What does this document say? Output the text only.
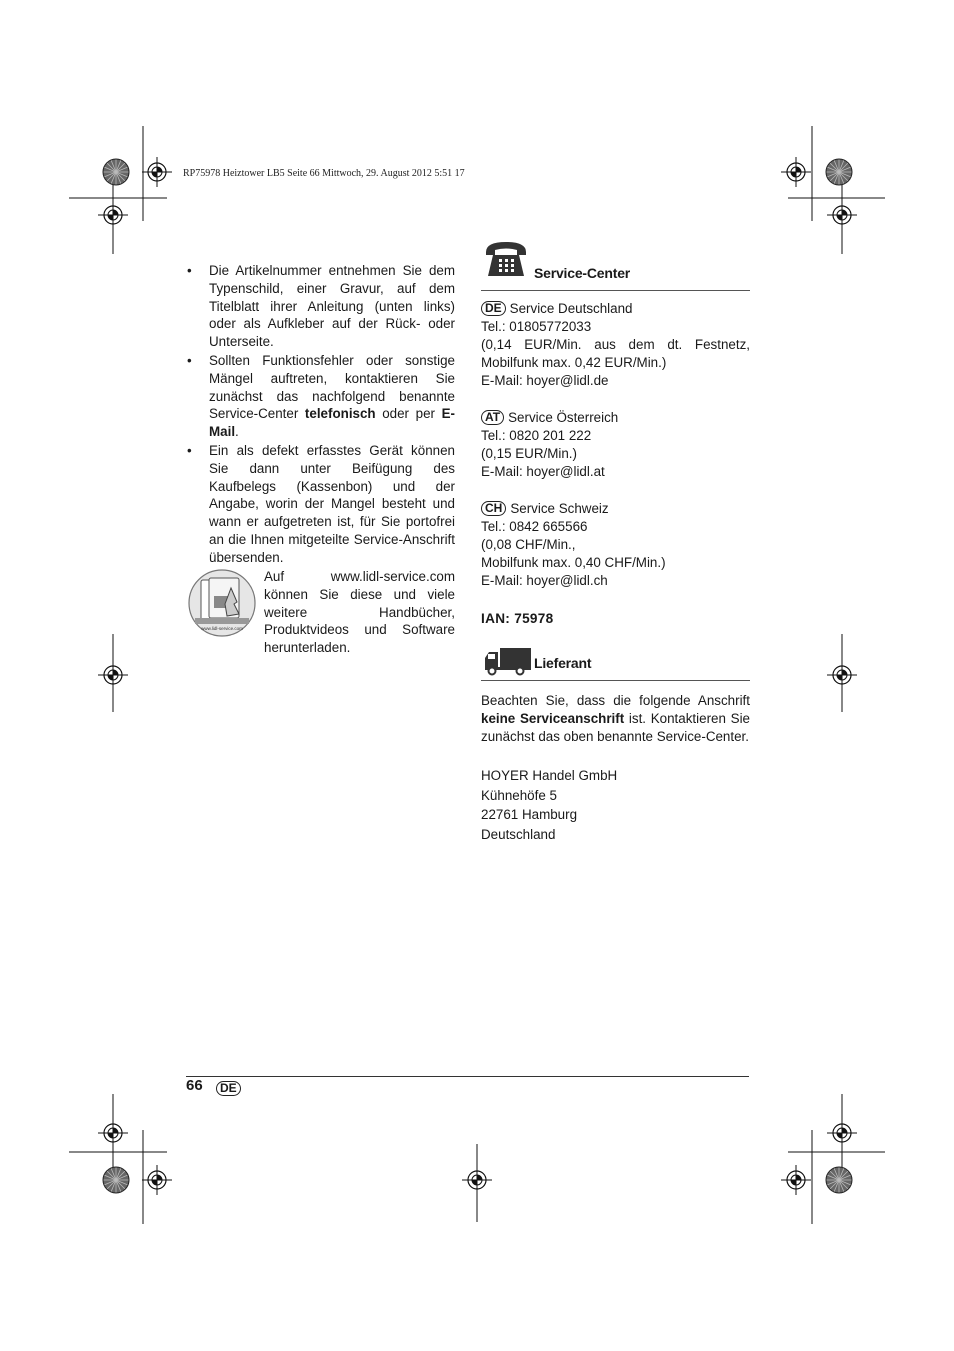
RP75978 Heiztower LB5 Seite 66 Mittwoch, 29. August 2012 5:51 17
• Die Artikelnummer entnehmen Sie dem Typenschild, einer Gravur, auf dem Titelblatt ihrer Anleitung (unten links) oder als Aufkleber auf der Rück- oder Unterseite.
• Sollten Funktionsfehler oder sonstige Mängel auftreten, kontaktieren Sie zunächst das nachfolgend benannte Service-Center telefonisch oder per E-Mail.
• Ein als defekt erfasstes Gerät können Sie dann unter Beifügung des Kaufbelegs (Kassenbon) und der Angabe, worin der Mangel besteht und wann er aufgetreten ist, für Sie portofrei an die Ihnen mitgeteilte Service-Anschrift übersenden.
www.lidl-service.com
Auf www.lidl-service.com können Sie diese und viele weitere Handbücher, Produktvideos und Software herunterladen.
Service-Center
DE Service Deutschland
Tel.: 01805772033
(0,14 EUR/Min. aus dem dt. Festnetz, Mobilfunk max. 0,42 EUR/Min.)
E-Mail: hoyer@lidl.de
AT Service Österreich
Tel.: 0820 201 222
(0,15 EUR/Min.)
E-Mail: hoyer@lidl.at
CH Service Schweiz
Tel.: 0842 665566
(0,08 CHF/Min.,
Mobilfunk max. 0,40 CHF/Min.)
E-Mail: hoyer@lidl.ch
IAN: 75978
Lieferant
Beachten Sie, dass die folgende Anschrift keine Serviceanschrift ist. Kontaktieren Sie zunächst das oben benannte Service-Center.
HOYER Handel GmbH
Kühnehöfe 5
22761 Hamburg
Deutschland
66	DE
